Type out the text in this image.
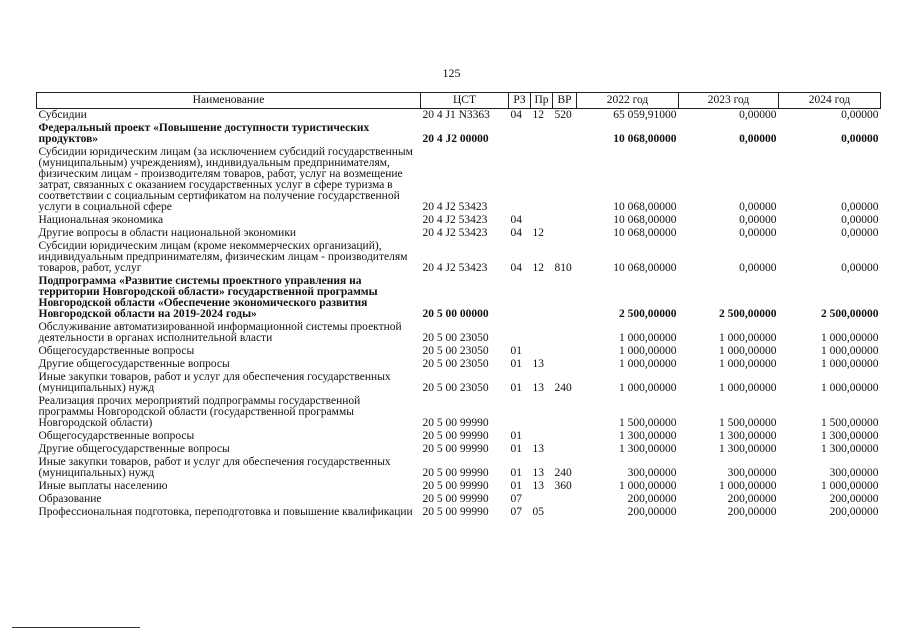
125
Наименование	ЦСТ	РЗ	Пр	ВР	2022 год	2023 год	2024 год
Субсидии	20 4 J1 N3363	04	12	520	65 059,91000	0,00000	0,00000
Федеральный проект «Повышение доступности туристических продуктов»	20 4 J2 00000				10 068,00000	0,00000	0,00000
Субсидии юридическим лицам (за исключением субсидий государственным (муниципальным) учреждениям), индивидуальным предпринимателям, физическим лицам - производителям товаров, работ, услуг на возмещение затрат, связанных с оказанием государственных услуг в сфере туризма в соответствии с социальным сертификатом на получение государственной услуги в социальной сфере	20 4 J2 53423				10 068,00000	0,00000	0,00000
Национальная экономика	20 4 J2 53423	04			10 068,00000	0,00000	0,00000
Другие вопросы в области национальной экономики	20 4 J2 53423	04	12		10 068,00000	0,00000	0,00000
Субсидии юридическим лицам (кроме некоммерческих организаций), индивидуальным предпринимателям, физическим лицам - производителям товаров, работ, услуг	20 4 J2 53423	04	12	810	10 068,00000	0,00000	0,00000
Подпрограмма «Развитие системы проектного управления на территории Новгородской области» государственной программы Новгородской области «Обеспечение экономического развития Новгородской области на 2019-2024 годы»	20 5 00 00000				2 500,00000	2 500,00000	2 500,00000
Обслуживание автоматизированной информационной системы проектной деятельности в органах исполнительной власти	20 5 00 23050				1 000,00000	1 000,00000	1 000,00000
Общегосударственные вопросы	20 5 00 23050	01			1 000,00000	1 000,00000	1 000,00000
Другие общегосударственные вопросы	20 5 00 23050	01	13		1 000,00000	1 000,00000	1 000,00000
Иные закупки товаров, работ и услуг для обеспечения государственных (муниципальных) нужд	20 5 00 23050	01	13	240	1 000,00000	1 000,00000	1 000,00000
Реализация прочих мероприятий подпрограммы государственной программы Новгородской области (государственной программы Новгородской области)	20 5 00 99990				1 500,00000	1 500,00000	1 500,00000
Общегосударственные вопросы	20 5 00 99990	01			1 300,00000	1 300,00000	1 300,00000
Другие общегосударственные вопросы	20 5 00 99990	01	13		1 300,00000	1 300,00000	1 300,00000
Иные закупки товаров, работ и услуг для обеспечения государственных (муниципальных) нужд	20 5 00 99990	01	13	240	300,00000	300,00000	300,00000
Иные выплаты населению	20 5 00 99990	01	13	360	1 000,00000	1 000,00000	1 000,00000
Образование	20 5 00 99990	07			200,00000	200,00000	200,00000
Профессиональная подготовка, переподготовка и повышение квалификации	20 5 00 99990	07	05		200,00000	200,00000	200,00000
